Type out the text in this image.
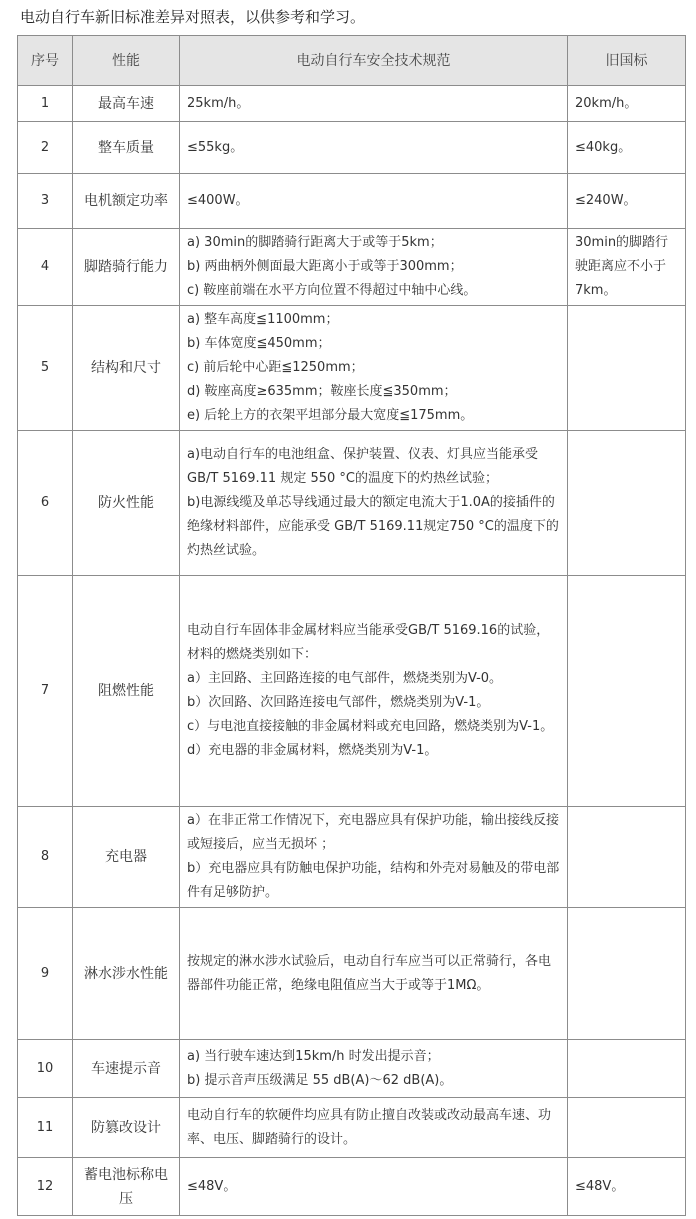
电动自行车新旧标准差异对照表，以供参考和学习。
序号	性能	电动自行车安全技术规范	旧国标
1	最高车速	25km/h。	20km/h。

2	整车质量	≤55kg。	≤40kg。

3	电机额定功率	≤400W。	≤240W。

4	脚踏骑行能力	a) 30min的脚踏骑行距离大于或等于5km；
b) 两曲柄外侧面最大距离小于或等于300mm；
c) 鞍座前端在水平方向位置不得超过中轴中心线。	30min的脚踏行驶距离应不小于7km。

5	结构和尺寸	a) 整车高度≦1100mm；
b) 车体宽度≦450mm；
c) 前后轮中心距≦1250mm；
d) 鞍座高度≥635mm；鞍座长度≦350mm；
e) 后轮上方的衣架平坦部分最大宽度≦175mm。	

6	防火性能	a)电动自行车的电池组盒、保护装置、仪表、灯具应当能承受 GB/T 5169.11 规定 550 °C的温度下的灼热丝试验；
b)电源线缆及单芯导线通过最大的额定电流大于1.0A的接插件的绝缘材料部件，应能承受 GB/T 5169.11规定750 °C的温度下的灼热丝试验。	

7	阻燃性能	电动自行车固体非金属材料应当能承受GB/T 5169.16的试验，材料的燃烧类别如下：
a）主回路、主回路连接的电气部件，燃烧类别为V-0。
b）次回路、次回路连接电气部件，燃烧类别为V-1。
c）与电池直接接触的非金属材料或充电回路，燃烧类别为V-1。
d）充电器的非金属材料，燃烧类别为V-1。	

8	充电器	a）在非正常工作情况下，充电器应具有保护功能，输出接线反接或短接后，应当无损坏 ；
b）充电器应具有防触电保护功能，结构和外壳对易触及的带电部件有足够防护。	

9	淋水涉水性能	按规定的淋水涉水试验后，电动自行车应当可以正常骑行，各电器部件功能正常，绝缘电阻值应当大于或等于1MΩ。	

10	车速提示音	a) 当行驶车速达到15km/h 时发出提示音；
b) 提示音声压级满足 55 dB(A)～62 dB(A)。	

11	防篡改设计	电动自行车的软硬件均应具有防止擅自改装或改动最高车速、功率、电压、脚踏骑行的设计。	

12	蓄电池标称电压	≤48V。	≤48V。
